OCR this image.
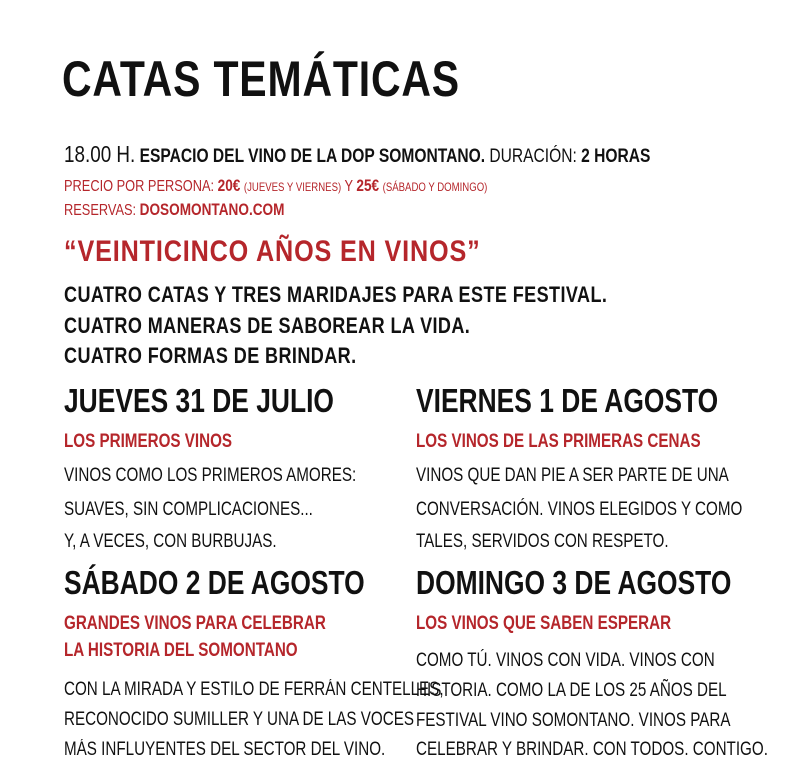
CATAS TEMÁTICAS
18.00 H. ESPACIO DEL VINO DE LA DOP SOMONTANO. DURACIÓN: 2 HORAS
PRECIO POR PERSONA: 20€ (JUEVES Y VIERNES) Y 25€ (SÁBADO Y DOMINGO)
RESERVAS: DOSOMONTANO.COM
“VEINTICINCO AÑOS EN VINOS”
CUATRO CATAS Y TRES MARIDAJES PARA ESTE FESTIVAL.
CUATRO MANERAS DE SABOREAR LA VIDA.
CUATRO FORMAS DE BRINDAR.
JUEVES 31 DE JULIO
LOS PRIMEROS VINOS
VINOS COMO LOS PRIMEROS AMORES:
SUAVES, SIN COMPLICACIONES...
Y, A VECES, CON BURBUJAS.
VIERNES 1 DE AGOSTO
LOS VINOS DE LAS PRIMERAS CENAS
VINOS QUE DAN PIE A SER PARTE DE UNA
CONVERSACIÓN. VINOS ELEGIDOS Y COMO
TALES, SERVIDOS CON RESPETO.
SÁBADO 2 DE AGOSTO
GRANDES VINOS PARA CELEBRAR
LA HISTORIA DEL SOMONTANO
CON LA MIRADA Y ESTILO DE FERRÁN CENTELLES,
RECONOCIDO SUMILLER Y UNA DE LAS VOCES
MÁS INFLUYENTES DEL SECTOR DEL VINO.
DOMINGO 3 DE AGOSTO
LOS VINOS QUE SABEN ESPERAR
COMO TÚ. VINOS CON VIDA. VINOS CON
HISTORIA. COMO LA DE LOS 25 AÑOS DEL
FESTIVAL VINO SOMONTANO. VINOS PARA
CELEBRAR Y BRINDAR. CON TODOS. CONTIGO.
